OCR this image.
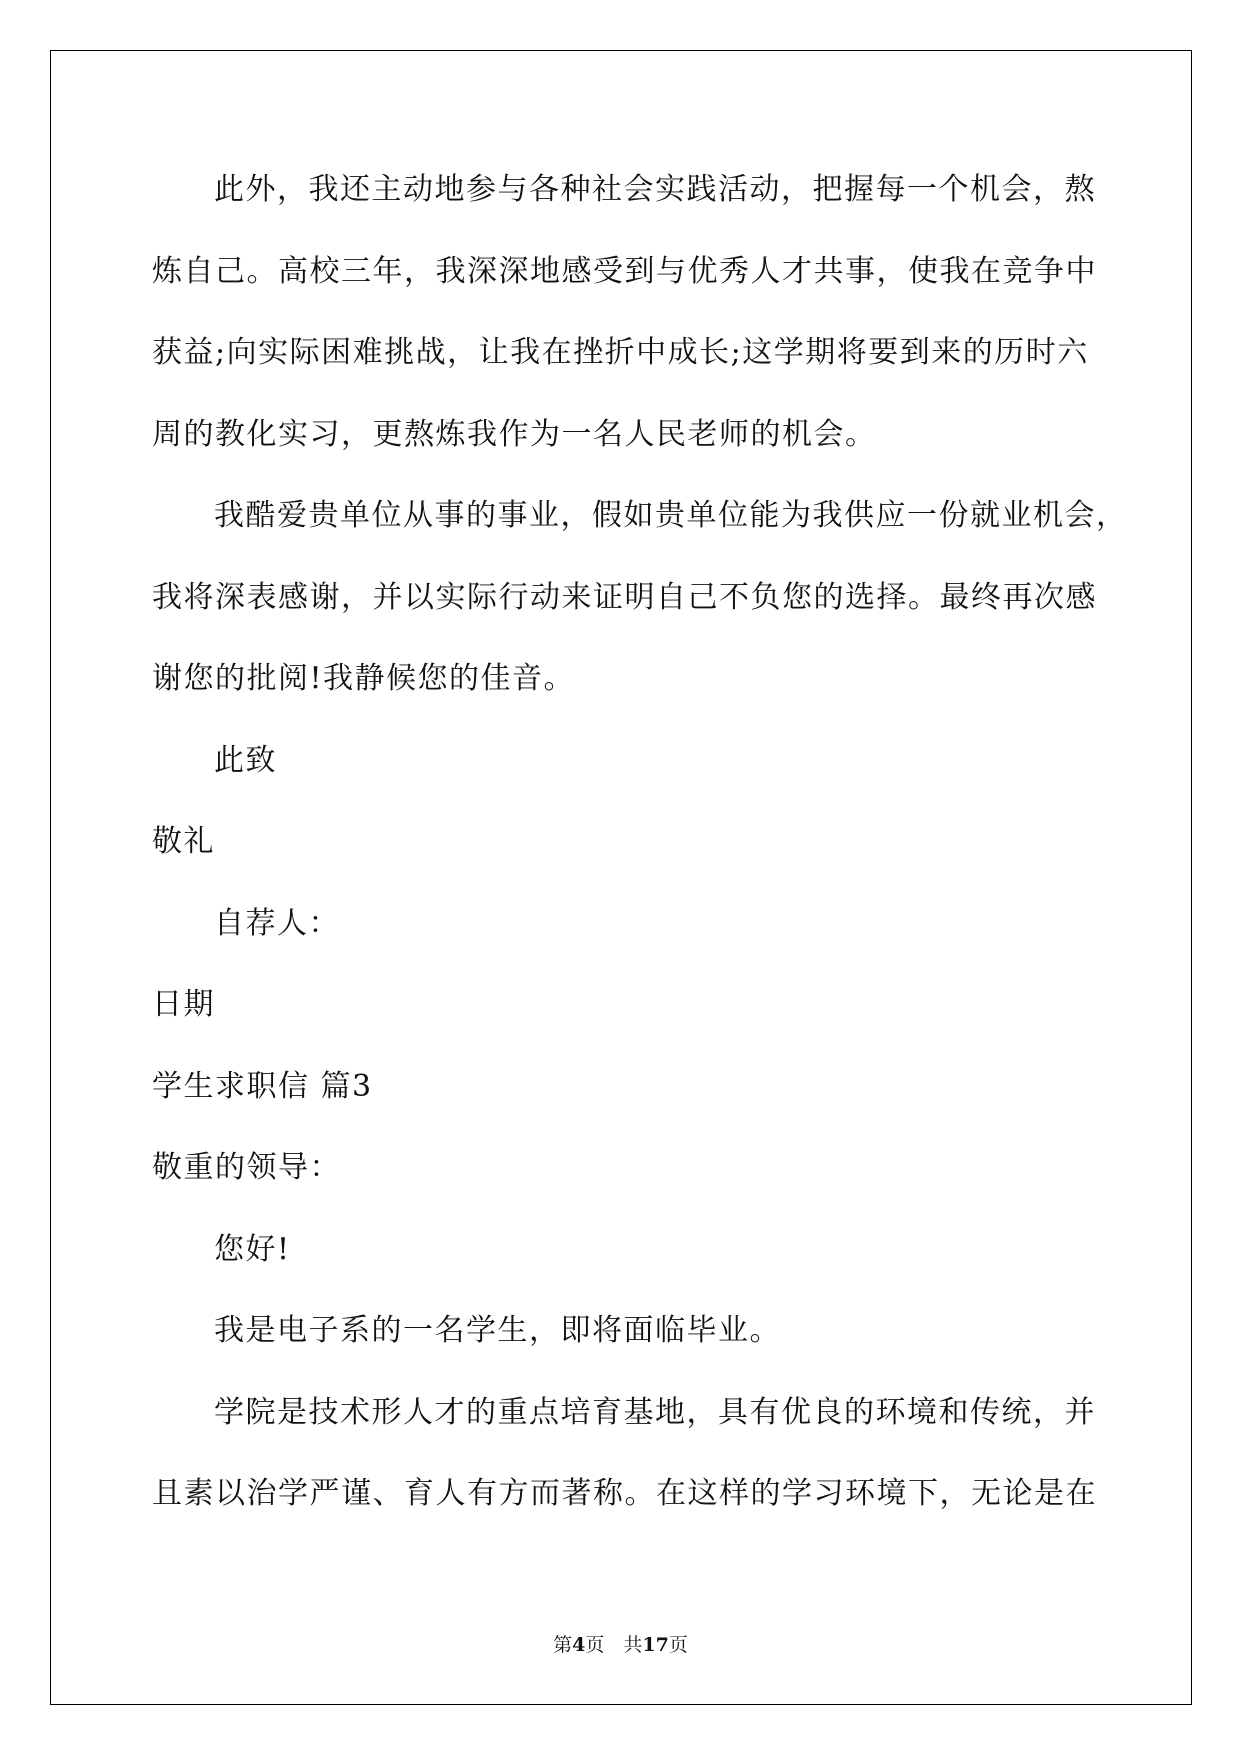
此外，我还主动地参与各种社会实践活动，把握每一个机会，熬
炼自己。高校三年，我深深地感受到与优秀人才共事，使我在竞争中
获益;向实际困难挑战，让我在挫折中成长;这学期将要到来的历时六
周的教化实习，更熬炼我作为一名人民老师的机会。
我酷爱贵单位从事的事业，假如贵单位能为我供应一份就业机会，
我将深表感谢，并以实际行动来证明自己不负您的选择。最终再次感
谢您的批阅!我静候您的佳音。
此致
敬礼
自荐人：
日期
学生求职信 篇3
敬重的领导：
您好!
我是电子系的一名学生，即将面临毕业。
学院是技术形人才的重点培育基地，具有优良的环境和传统，并
且素以治学严谨、育人有方而著称。在这样的学习环境下，无论是在
第4页  共17页
